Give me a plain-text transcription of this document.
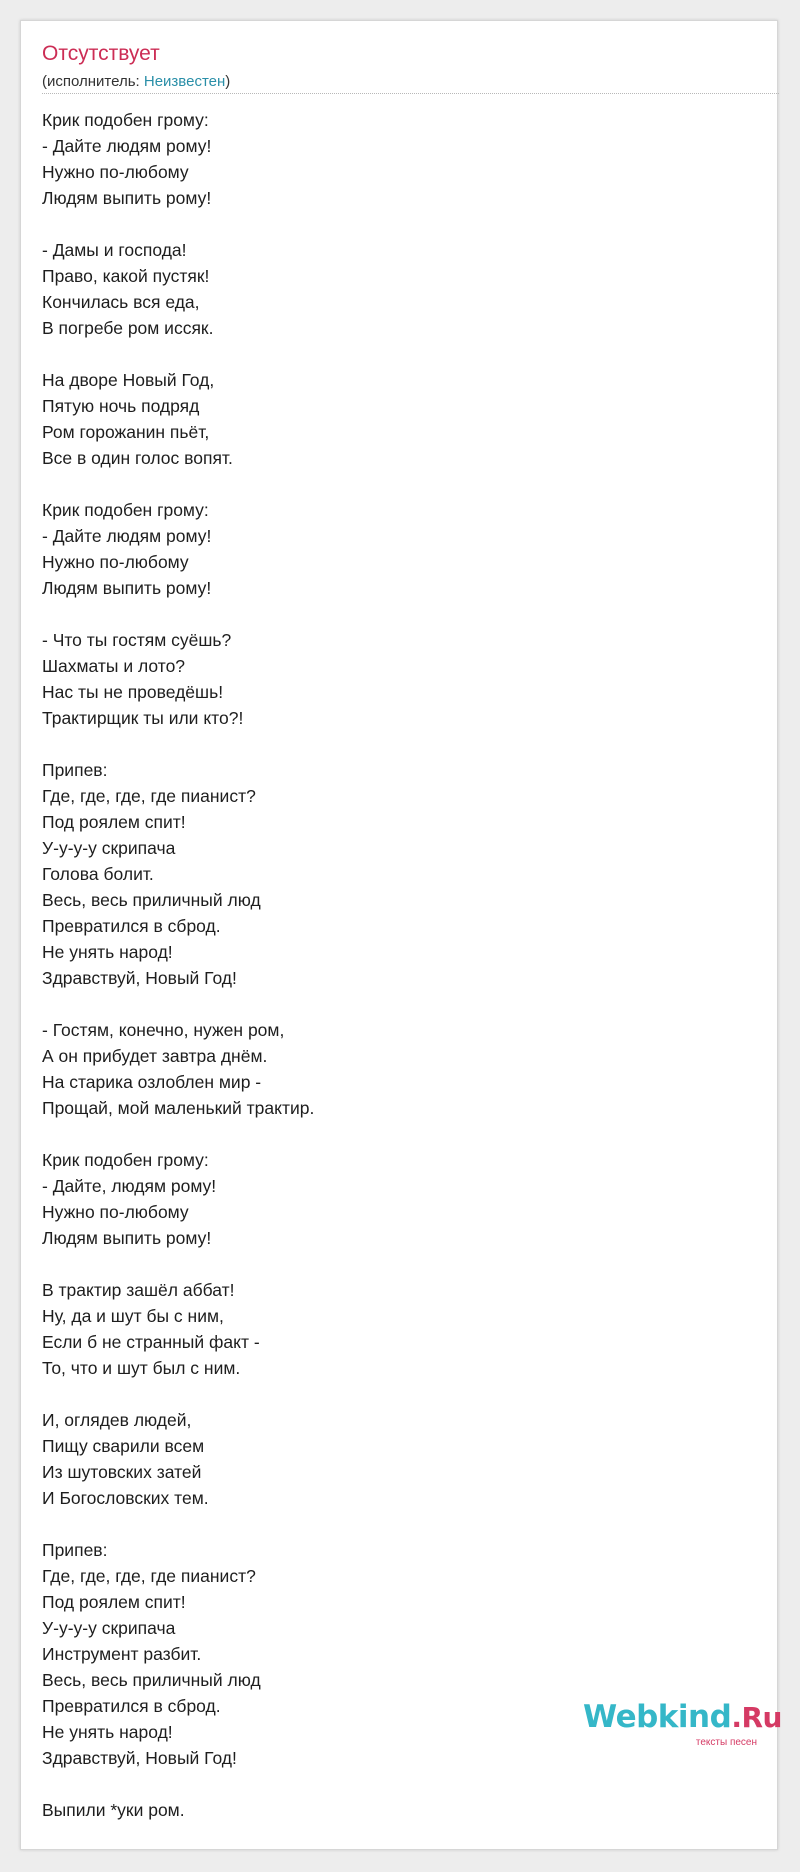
Отсутствует
(исполнитель: Неизвестен)
Крик подобен грому:
- Дайте людям рому!
Нужно по-любому
Людям выпить рому!
- Дамы и господа!
Право, какой пустяк!
Кончилась вся еда,
В погребе ром иссяк.
На дворе Новый Год,
Пятую ночь подряд
Ром горожанин пьёт,
Все в один голос вопят.
Крик подобен грому:
- Дайте людям рому!
Нужно по-любому
Людям выпить рому!
- Что ты гостям суёшь?
Шахматы и лото?
Нас ты не проведёшь!
Трактирщик ты или кто?!
Припев:
Где, где, где, где пианист?
Под роялем спит!
У-у-у-у скрипача
Голова болит.
Весь, весь приличный люд
Превратился в сброд.
Не унять народ!
Здравствуй, Новый Год!
- Гостям, конечно, нужен ром,
А он прибудет завтра днём.
На старика озлоблен мир -
Прощай, мой маленький трактир.
Крик подобен грому:
- Дайте, людям рому!
Нужно по-любому
Людям выпить рому!
В трактир зашёл аббат!
Ну, да и шут бы с ним,
Если б не странный факт -
То, что и шут был с ним.
И, оглядев людей,
Пищу сварили всем
Из шутовских затей
И Богословских тем.
Припев:
Где, где, где, где пианист?
Под роялем спит!
У-у-у-у скрипача
Инструмент разбит.
Весь, весь приличный люд
Превратился в сброд.
Не унять народ!
Здравствуй, Новый Год!
Выпили *уки ром.
Webkind.Ru
тексты песен
